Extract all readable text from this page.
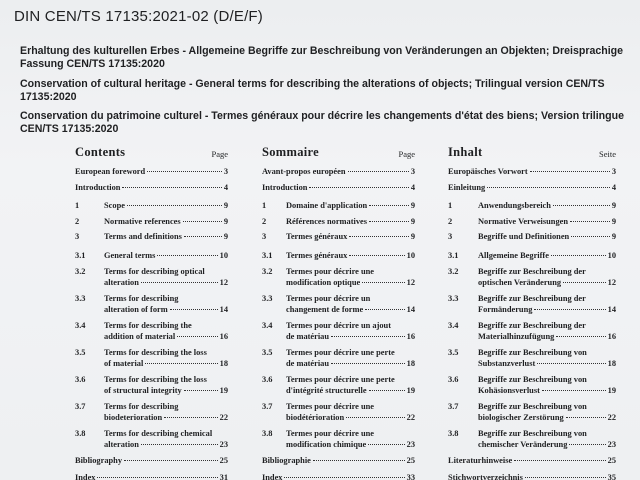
DIN CEN/TS 17135:2021-02 (D/E/F)
Erhaltung des kulturellen Erbes - Allgemeine Begriffe zur Beschreibung von Veränderungen an Objekten; Dreisprachige Fassung CEN/TS 17135:2020
Conservation of cultural heritage - General terms for describing the alterations of objects; Trilingual version CEN/TS 17135:2020
Conservation du patrimoine culturel - Termes généraux pour décrire les changements d'état des biens; Version trilingue CEN/TS 17135:2020
Contents	Page
European foreword	3
Introduction	4
1	Scope	9
2	Normative references	9
3	Terms and definitions	9
3.1 General terms	10
3.2 Terms for describing optical
alteration	12
3.3 Terms for describing
alteration of form	14
3.4 Terms for describing the
addition of material	16
3.5 Terms for describing the loss
of material	18
3.6 Terms for describing the loss
of structural integrity	19
3.7 Terms for describing
biodeterioration	22
3.8 Terms for describing chemical
alteration	23
Bibliography	25
Index	31
Sommaire	Page
Avant-propos européen	3
Introduction	4
1 Domaine d'application	9
2 Références normatives	9
3 Termes généraux	9
3.1 Termes généraux	10
3.2 Termes pour décrire une
modification optique	12
3.3 Termes pour décrire un
changement de forme	14
3.4 Termes pour décrire un ajout
de matériau	16
3.5 Termes pour décrire une perte
de matériau	18
3.6 Termes pour décrire une perte
d'intégrité structurelle	19
3.7 Termes pour décrire une
biodétérioration	22
3.8 Termes pour décrire une
modification chimique	23
Bibliographie	25
Index	33
Inhalt	Seite
Europäisches Vorwort	3
Einleitung	4
1	Anwendungsbereich	9
2	Normative Verweisungen	9
3	Begriffe und Definitionen	9
3.1 Allgemeine Begriffe	10
3.2 Begriffe zur Beschreibung der
optischen Veränderung	12
3.3 Begriffe zur Beschreibung der
Formänderung	14
3.4 Begriffe zur Beschreibung der
Materialhinzufügung	16
3.5 Begriffe zur Beschreibung von
Substanzverlust	18
3.6 Begriffe zur Beschreibung von
Kohäsionsverlust	19
3.7 Begriffe zur Beschreibung von
biologischer Zerstörung	22
3.8 Begriffe zur Beschreibung von
chemischer Veränderung	23
Literaturhinweise	25
Stichwortverzeichnis	35
